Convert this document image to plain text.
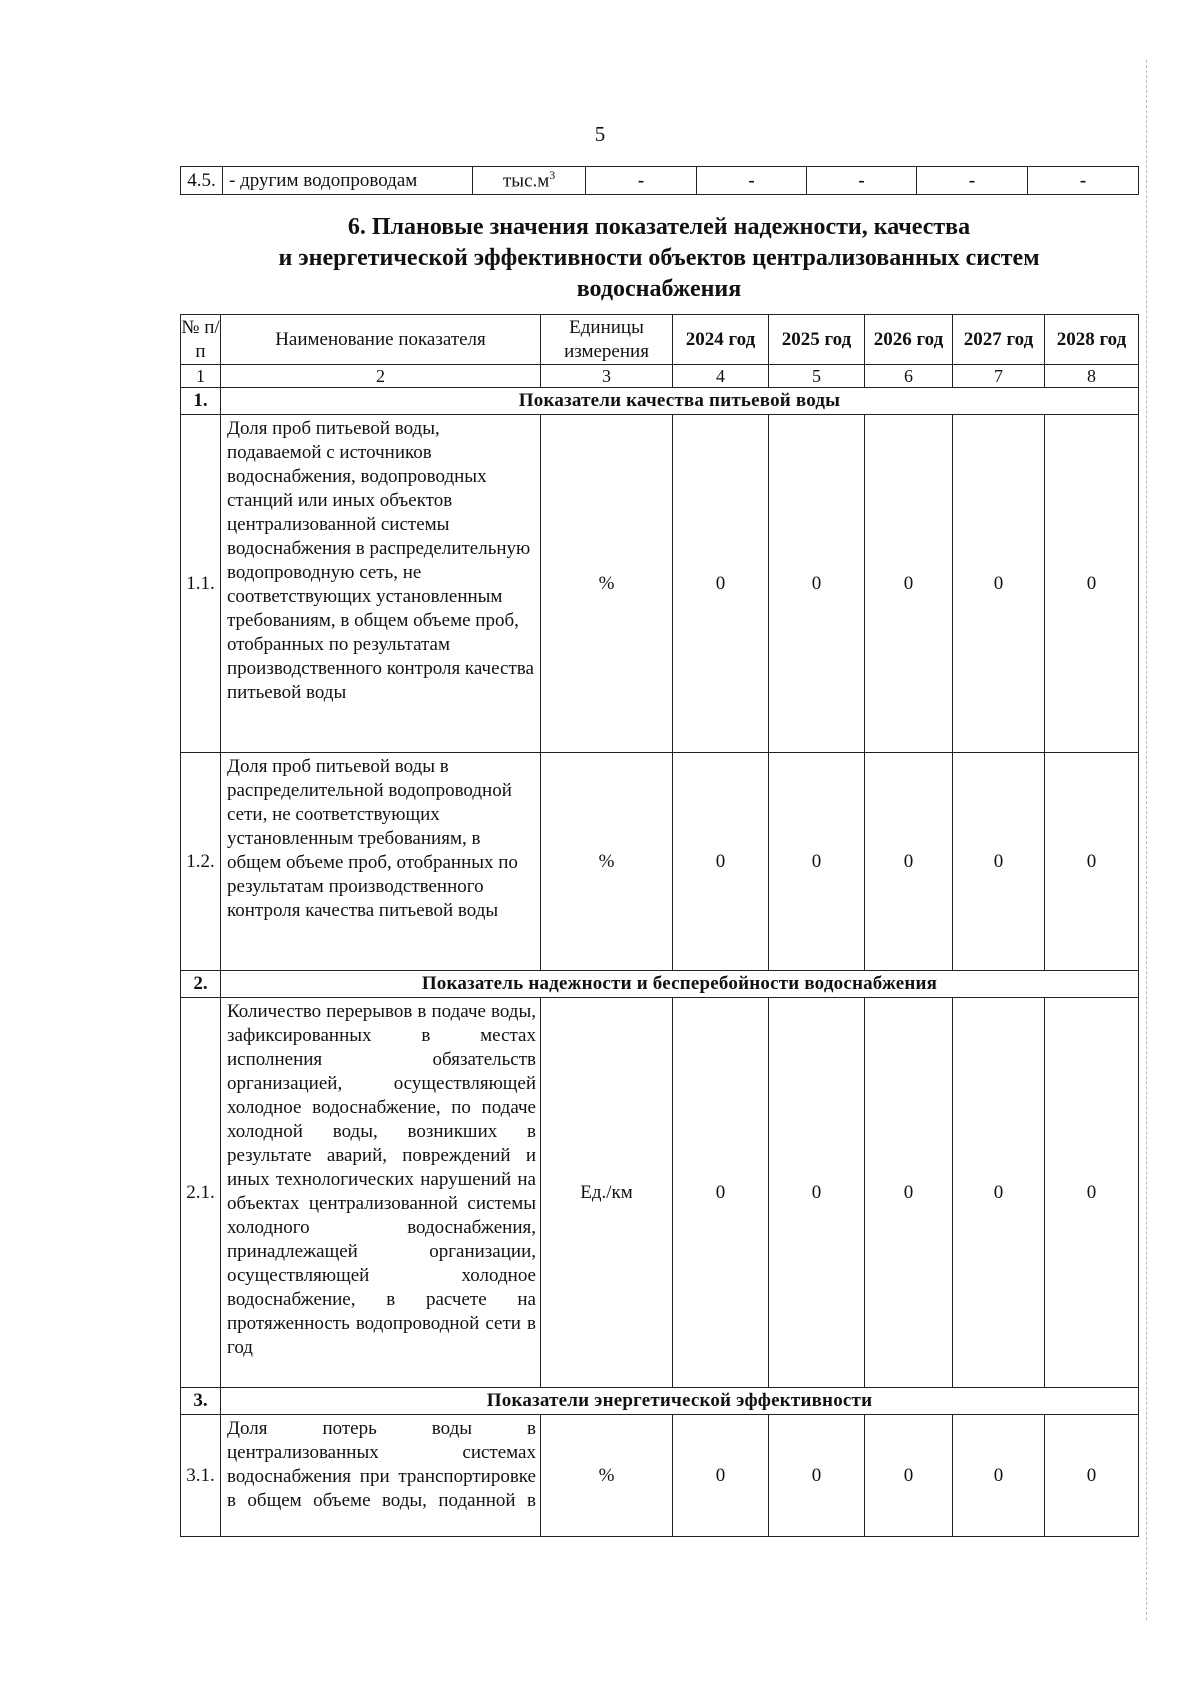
5
4.5.	- другим водопроводам	$тыс.м^3$	-	-	-	-	-
6. Плановые значения показателей надежности, качества
и энергетической эффективности объектов централизованных систем
водоснабжения
№ п/п	Наименование показателя	Единицы измерения	2024 год	2025 год	2026 год	2027 год	2028 год
1	2	3	4	5	6	7	8
1.	Показатели качества питьевой воды						
1.1.	Доля проб питьевой воды, подаваемой с источников водоснабжения, водопроводных станций или иных объектов централизованной системы водоснабжения в распределительную водопроводную сеть, не соответствующих установленным требованиям, в общем объеме проб, отобранных по результатам производственного контроля качества питьевой воды	%	0	0	0	0	0
1.2.	Доля проб питьевой воды в распределительной водопроводной сети, не соответствующих установленным требованиям, в общем объеме проб, отобранных по результатам производственного контроля качества питьевой воды	%	0	0	0	0	0
2.	Показатель надежности и бесперебойности водоснабжения						
2.1.	Количество перерывов в подаче воды, зафиксированных в местах исполнения обязательств организацией, осуществляющей холодное водоснабжение, по подаче холодной воды, возникших в результате аварий, повреждений и иных технологических нарушений на объектах централизованной системы холодного водоснабжения, принадлежащей организации, осуществляющей холодное водоснабжение, в расчете на протяженность водопроводной сети в год	Ед./км	0	0	0	0	0
3.	Показатели энергетической эффективности						
3.1.	Доля потерь воды в централизованных системах водоснабжения при транспортировке в общем объеме воды, поданной в	%	0	0	0	0	0
